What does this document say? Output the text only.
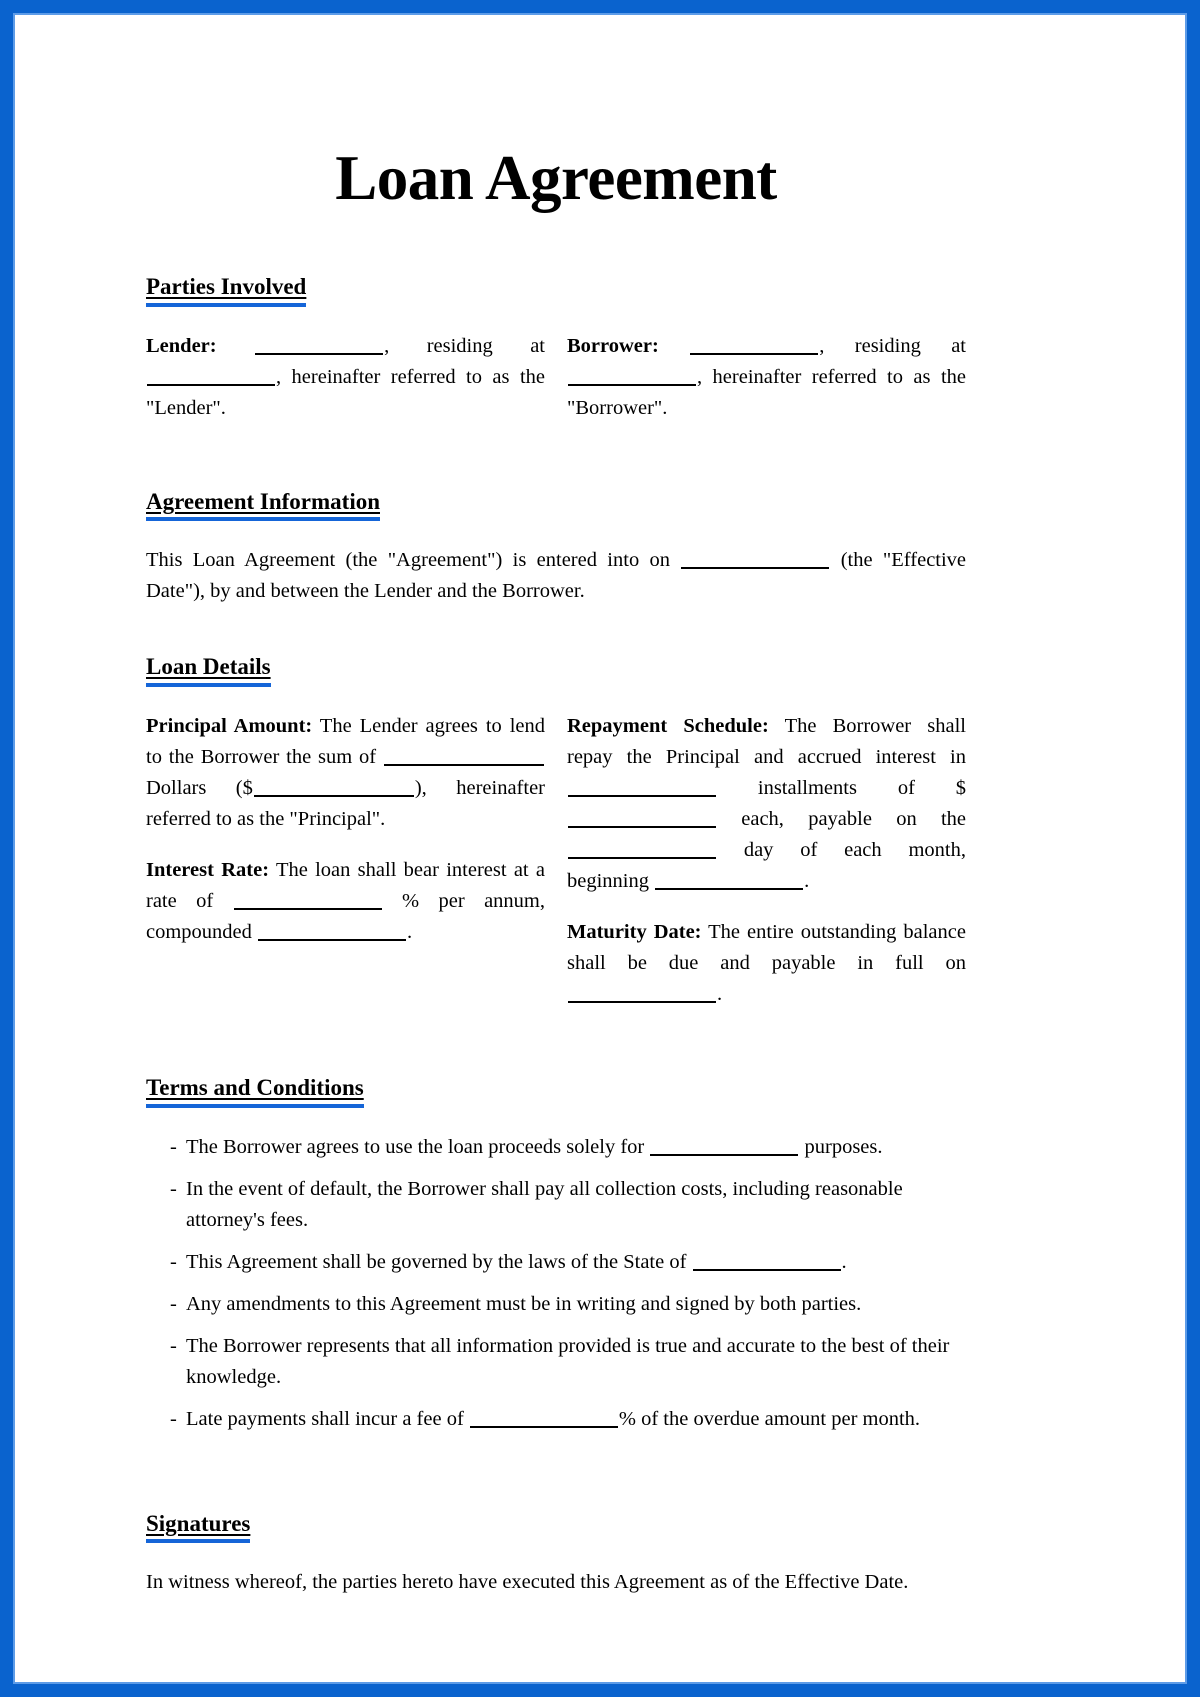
Loan Agreement
Parties Involved

Lender:	, residing at , hereinafter referred to as the "Lender".

Borrower:	, residing at , hereinafter referred to as the "Borrower".

Agreement Information

This Loan Agreement (the "Agreement") is entered into on	(the "Effective Date"), by and between the Lender and the Borrower.

Loan Details

Principal Amount: The Lender agrees to lend to the Borrower the sum of  Dollars ($	), hereinafter referred to as the "Principal".

Interest Rate: The loan shall bear interest at a rate of	% per annum, compounded	.

Repayment Schedule: The Borrower shall repay the Principal and accrued interest in  installments of $ each, payable on the  day of each month, beginning	.

Maturity Date: The entire outstanding balance shall be due and payable in full on .

Terms and Conditions
- The Borrower agrees to use the loan proceeds solely for	purposes.
- In the event of default, the Borrower shall pay all collection costs, including reasonable attorney's fees.
- This Agreement shall be governed by the laws of the State of	.
- Any amendments to this Agreement must be in writing and signed by both parties.
- The Borrower represents that all information provided is true and accurate to the best of their knowledge.
- Late payments shall incur a fee of	% of the overdue amount per month.
Signatures

In witness whereof, the parties hereto have executed this Agreement as of the Effective Date.
